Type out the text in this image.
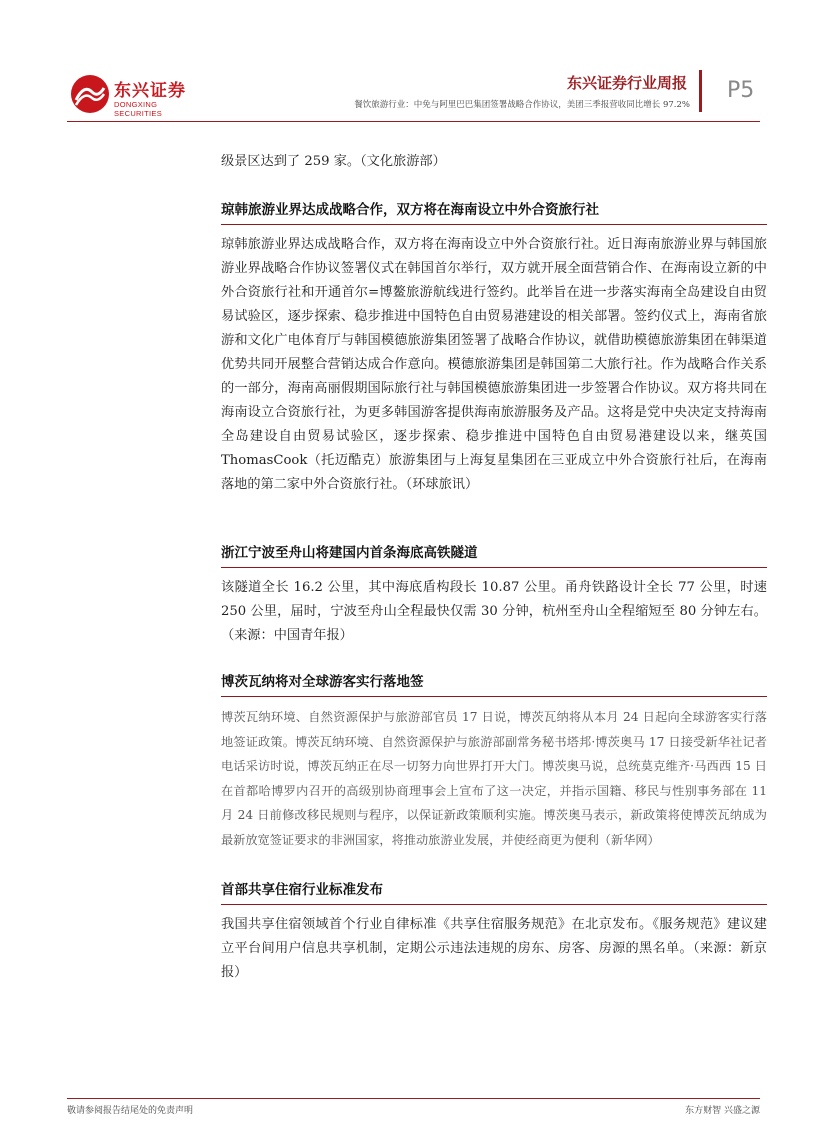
东兴证券
DONGXING SECURITIES
东兴证券行业周报
餐饮旅游行业：中免与阿里巴巴集团签署战略合作协议，美团三季报营收同比增长 97.2%
P5

级景区达到了 259 家。（文化旅游部）

琼韩旅游业界达成战略合作，双方将在海南设立中外合资旅行社

琼韩旅游业界达成战略合作，双方将在海南设立中外合资旅行社。近日海南旅游业界与韩国旅游业界战略合作协议签署仪式在韩国首尔举行，双方就开展全面营销合作、在海南设立新的中外合资旅行社和开通首尔=博鳌旅游航线进行签约。此举旨在进一步落实海南全岛建设自由贸易试验区，逐步探索、稳步推进中国特色自由贸易港建设的相关部署。签约仪式上，海南省旅游和文化广电体育厅与韩国模德旅游集团签署了战略合作协议，就借助模德旅游集团在韩渠道优势共同开展整合营销达成合作意向。模德旅游集团是韩国第二大旅行社。作为战略合作关系的一部分，海南高丽假期国际旅行社与韩国模德旅游集团进一步签署合作协议。双方将共同在海南设立合资旅行社，为更多韩国游客提供海南旅游服务及产品。这将是党中央决定支持海南全岛建设自由贸易试验区，逐步探索、稳步推进中国特色自由贸易港建设以来，继英国 ThomasCook（托迈酷克）旅游集团与上海复星集团在三亚成立中外合资旅行社后，在海南落地的第二家中外合资旅行社。（环球旅讯）

浙江宁波至舟山将建国内首条海底高铁隧道

该隧道全长 16.2 公里，其中海底盾构段长 10.87 公里。甬舟铁路设计全长 77 公里，时速 250 公里，届时，宁波至舟山全程最快仅需 30 分钟，杭州至舟山全程缩短至 80 分钟左右。（来源：中国青年报）

博茨瓦纳将对全球游客实行落地签

博茨瓦纳环境、自然资源保护与旅游部官员 17 日说，博茨瓦纳将从本月 24 日起向全球游客实行落地签证政策。博茨瓦纳环境、自然资源保护与旅游部副常务秘书塔邦·博茨奥马 17 日接受新华社记者电话采访时说，博茨瓦纳正在尽一切努力向世界打开大门。博茨奥马说，总统莫克维齐·马西西 15 日在首都哈博罗内召开的高级别协商理事会上宣布了这一决定，并指示国籍、移民与性别事务部在 11 月 24 日前修改移民规则与程序，以保证新政策顺利实施。博茨奥马表示，新政策将使博茨瓦纳成为最新放宽签证要求的非洲国家，将推动旅游业发展，并使经商更为便利（新华网）

首部共享住宿行业标准发布

我国共享住宿领域首个行业自律标准《共享住宿服务规范》在北京发布。《服务规范》建议建立平台间用户信息共享机制，定期公示违法违规的房东、房客、房源的黑名单。（来源：新京报）

敬请参阅报告结尾处的免责声明	东方财智 兴盛之源
